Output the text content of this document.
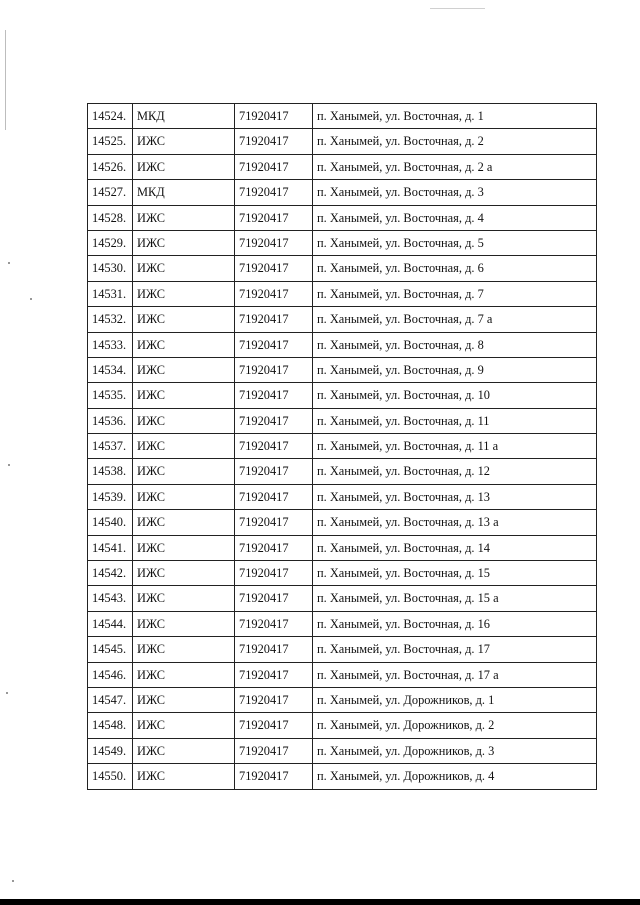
14524.	МКД	71920417	п. Ханымей, ул. Восточная, д. 1
14525.	ИЖС	71920417	п. Ханымей, ул. Восточная, д. 2
14526.	ИЖС	71920417	п. Ханымей, ул. Восточная, д. 2 а
14527.	МКД	71920417	п. Ханымей, ул. Восточная, д. 3
14528.	ИЖС	71920417	п. Ханымей, ул. Восточная, д. 4
14529.	ИЖС	71920417	п. Ханымей, ул. Восточная, д. 5
14530.	ИЖС	71920417	п. Ханымей, ул. Восточная, д. 6
14531.	ИЖС	71920417	п. Ханымей, ул. Восточная, д. 7
14532.	ИЖС	71920417	п. Ханымей, ул. Восточная, д. 7 а
14533.	ИЖС	71920417	п. Ханымей, ул. Восточная, д. 8
14534.	ИЖС	71920417	п. Ханымей, ул. Восточная, д. 9
14535.	ИЖС	71920417	п. Ханымей, ул. Восточная, д. 10
14536.	ИЖС	71920417	п. Ханымей, ул. Восточная, д. 11
14537.	ИЖС	71920417	п. Ханымей, ул. Восточная, д. 11 а
14538.	ИЖС	71920417	п. Ханымей, ул. Восточная, д. 12
14539.	ИЖС	71920417	п. Ханымей, ул. Восточная, д. 13
14540.	ИЖС	71920417	п. Ханымей, ул. Восточная, д. 13 а
14541.	ИЖС	71920417	п. Ханымей, ул. Восточная, д. 14
14542.	ИЖС	71920417	п. Ханымей, ул. Восточная, д. 15
14543.	ИЖС	71920417	п. Ханымей, ул. Восточная, д. 15 а
14544.	ИЖС	71920417	п. Ханымей, ул. Восточная, д. 16
14545.	ИЖС	71920417	п. Ханымей, ул. Восточная, д. 17
14546.	ИЖС	71920417	п. Ханымей, ул. Восточная, д. 17 а
14547.	ИЖС	71920417	п. Ханымей, ул. Дорожников, д. 1
14548.	ИЖС	71920417	п. Ханымей, ул. Дорожников, д. 2
14549.	ИЖС	71920417	п. Ханымей, ул. Дорожников, д. 3
14550.	ИЖС	71920417	п. Ханымей, ул. Дорожников, д. 4
